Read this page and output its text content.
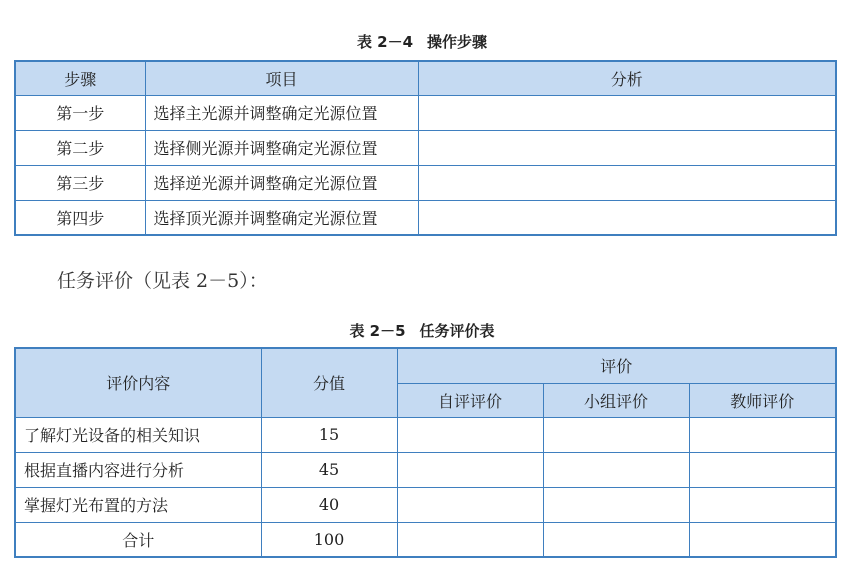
表 2－4 操作步骤
步骤	项目	分析
第一步	选择主光源并调整确定光源位置	
第二步	选择侧光源并调整确定光源位置	
第三步	选择逆光源并调整确定光源位置	
第四步	选择顶光源并调整确定光源位置	
任务评价（见表 2－5）：
表 2－5 任务评价表
评价内容	分值	评价		
		自评评价	小组评价	教师评价
了解灯光设备的相关知识	15			
根据直播内容进行分析	45			
掌握灯光布置的方法	40			
合计	100			
